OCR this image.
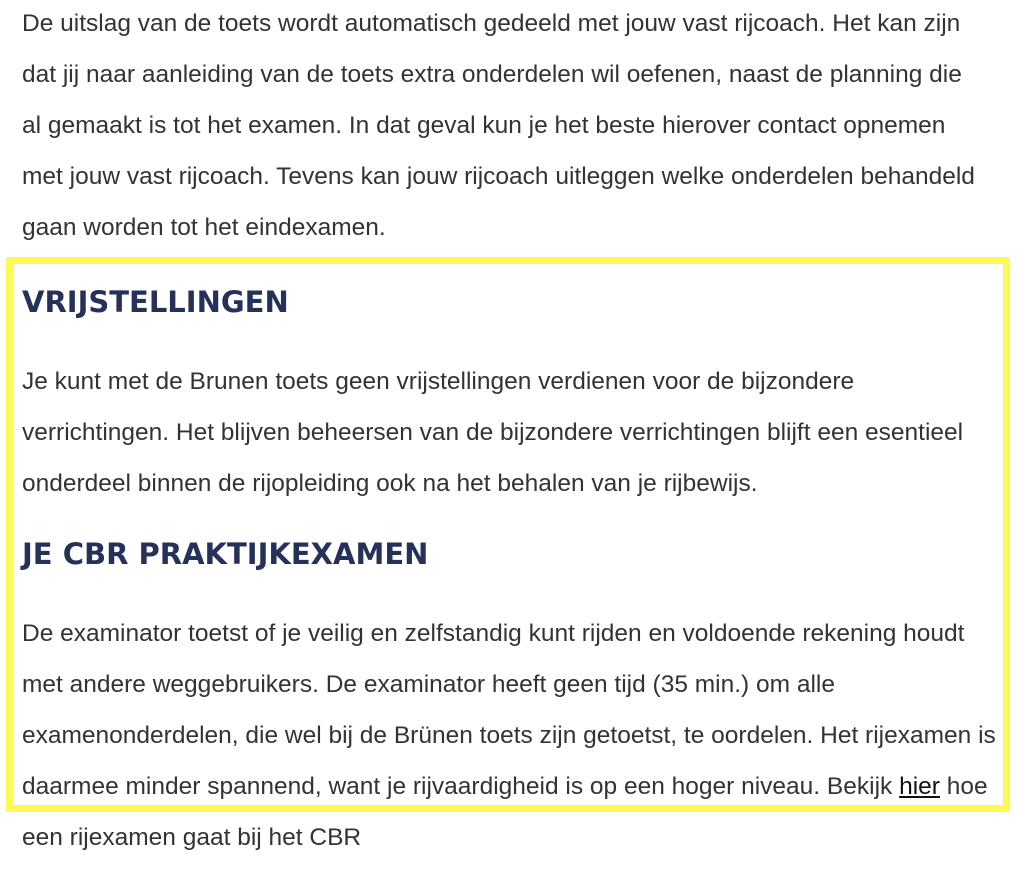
De uitslag van de toets wordt automatisch gedeeld met jouw vast rijcoach. Het kan zijn dat jij naar aanleiding van de toets extra onderdelen wil oefenen, naast de planning die al gemaakt is tot het examen. In dat geval kun je het beste hierover contact opnemen met jouw vast rijcoach. Tevens kan jouw rijcoach uitleggen welke onderdelen behandeld gaan worden tot het eindexamen.

VRIJSTELLINGEN

Je kunt met de Brunen toets geen vrijstellingen verdienen voor de bijzondere verrichtingen. Het blijven beheersen van de bijzondere verrichtingen blijft een esentieel onderdeel binnen de rijopleiding ook na het behalen van je rijbewijs.

JE CBR PRAKTIJKEXAMEN

De examinator toetst of je veilig en zelfstandig kunt rijden en voldoende rekening houdt met andere weggebruikers. De examinator heeft geen tijd (35 min.) om alle examenonderdelen, die wel bij de Brünen toets zijn getoetst, te oordelen. Het rijexamen is daarmee minder spannend, want je rijvaardigheid is op een hoger niveau. Bekijk hier hoe een rijexamen gaat bij het CBR
